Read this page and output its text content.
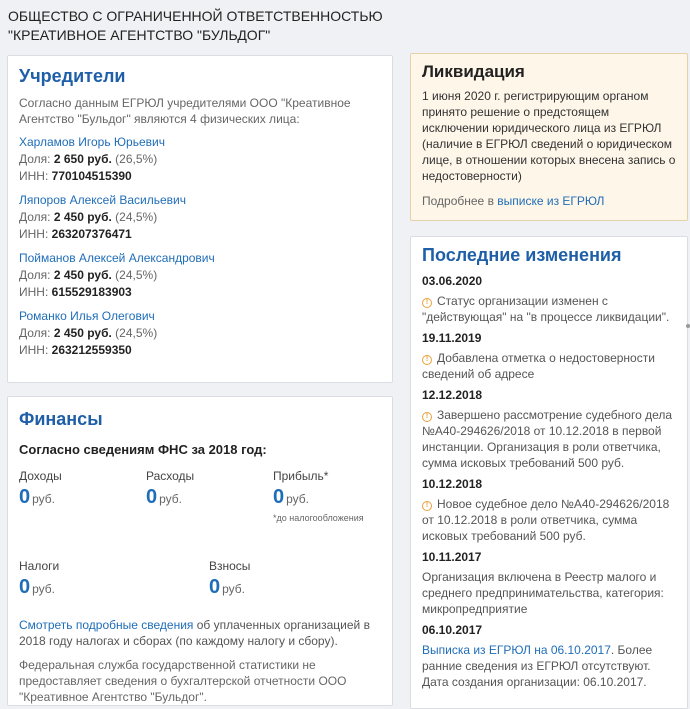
ОБЩЕСТВО С ОГРАНИЧЕННОЙ ОТВЕТСТВЕННОСТЬЮ "КРЕАТИВНОЕ АГЕНТСТВО "БУЛЬДОГ"
Учредители
Согласно данным ЕГРЮЛ учредителями ООО "Креативное Агентство "Бульдог" являются 4 физических лица:
Харламов Игорь Юрьевич
Доля: 2 650 руб. (26,5%)
ИНН: 770104515390
Ляпоров Алексей Васильевич
Доля: 2 450 руб. (24,5%)
ИНН: 263207376471
Пойманов Алексей Александрович
Доля: 2 450 руб. (24,5%)
ИНН: 615529183903
Романко Илья Олегович
Доля: 2 450 руб. (24,5%)
ИНН: 263212559350
Финансы
Согласно сведениям ФНС за 2018 год:
Доходы
0 руб.
Расходы
0 руб.
Прибыль*
0 руб.
*до налогообложения
Налоги
0 руб.
Взносы
0 руб.
Смотреть подробные сведения об уплаченных организацией в 2018 году налогах и сборах (по каждому налогу и сбору).
Федеральная служба государственной статистики не предоставляет сведения о бухгалтерской отчетности ООО "Креативное Агентство "Бульдог".
Ликвидация
1 июня 2020 г. регистрирующим органом принято решение о предстоящем исключении юридического лица из ЕГРЮЛ (наличие в ЕГРЮЛ сведений о юридическом лице, в отношении которых внесена запись о недостоверности)
Подробнее в выписке из ЕГРЮЛ
Последние изменения
03.06.2020
! Статус организации изменен с "действующая" на "в процессе ликвидации".
19.11.2019
! Добавлена отметка о недостоверности сведений об адресе
12.12.2018
! Завершено рассмотрение судебного дела №А40-294626/2018 от 10.12.2018 в первой инстанции. Организация в роли ответчика, сумма исковых требований 500 руб.
10.12.2018
! Новое судебное дело №А40-294626/2018 от 10.12.2018 в роли ответчика, сумма исковых требований 500 руб.
10.11.2017
Организация включена в Реестр малого и среднего предпринимательства, категория: микропредприятие
06.10.2017
Выписка из ЕГРЮЛ на 06.10.2017. Более ранние сведения из ЕГРЮЛ отсутствуют. Дата создания организации: 06.10.2017.
